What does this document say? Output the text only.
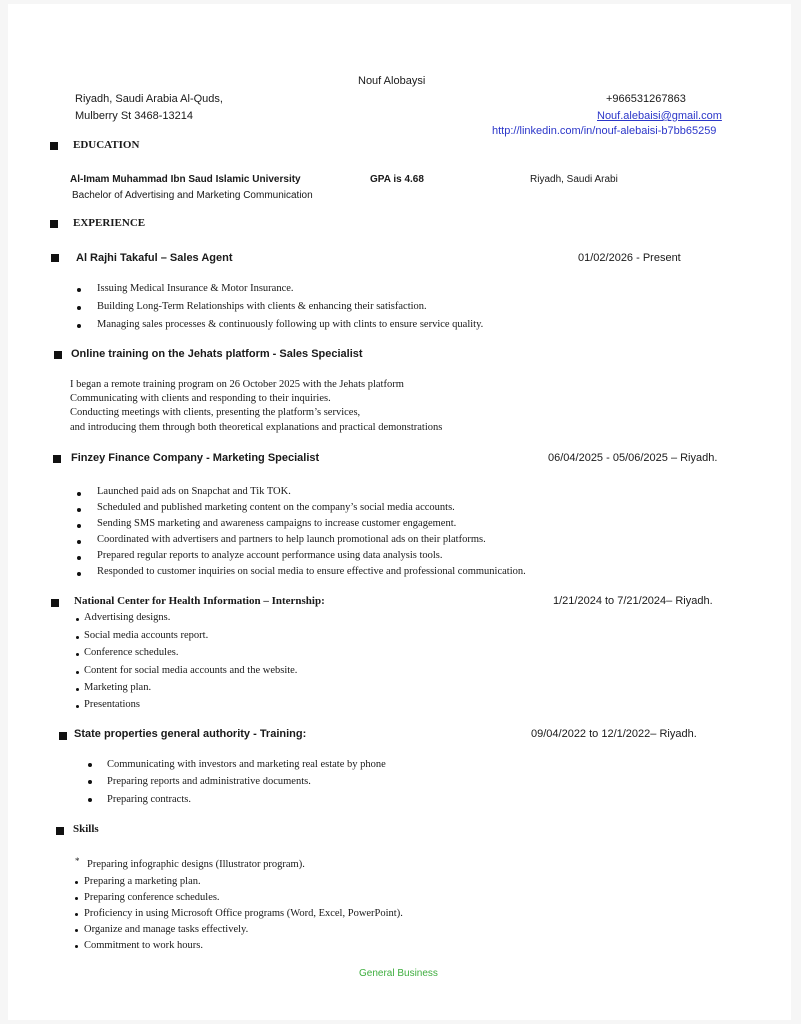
Nouf Alobaysi
Riyadh, Saudi Arabia Al-Quds,
Mulberry St 3468-13214
+966531267863
Nouf.alebaisi@gmail.com
http://linkedin.com/in/nouf-alebaisi-b7bb65259
EDUCATION
Al-Imam Muhammad Ibn Saud Islamic University	GPA is 4.68	Riyadh, Saudi Arabi
Bachelor of Advertising and Marketing Communication
EXPERIENCE
Al Rajhi Takaful – Sales Agent	01/02/2026 - Present
Issuing Medical Insurance & Motor Insurance.
Building Long-Term Relationships with clients & enhancing their satisfaction.
Managing sales processes & continuously following up with clints to ensure service quality.
Online training on the Jehats platform - Sales Specialist
I began a remote training program on 26 October 2025 with the Jehats platform
Communicating with clients and responding to their inquiries.
Conducting meetings with clients, presenting the platform’s services,
and introducing them through both theoretical explanations and practical demonstrations
Finzey Finance Company - Marketing Specialist	06/04/2025 - 05/06/2025 – Riyadh.
Launched paid ads on Snapchat and Tik TOK.
Scheduled and published marketing content on the company’s social media accounts.
Sending SMS marketing and awareness campaigns to increase customer engagement.
Coordinated with advertisers and partners to help launch promotional ads on their platforms.
Prepared regular reports to analyze account performance using data analysis tools.
Responded to customer inquiries on social media to ensure effective and professional communication.
National Center for Health Information – Internship:	1/21/2024 to 7/21/2024– Riyadh.
Advertising designs.
Social media accounts report.
Conference schedules.
Content for social media accounts and the website.
Marketing plan.
Presentations
State properties general authority - Training:	09/04/2022 to 12/1/2022– Riyadh.
Communicating with investors and marketing real estate by phone
Preparing reports and administrative documents.
Preparing contracts.
Skills
* Preparing infographic designs (Illustrator program).
Preparing a marketing plan.
Preparing conference schedules.
Proficiency in using Microsoft Office programs (Word, Excel, PowerPoint).
Organize and manage tasks effectively.
Commitment to work hours.
General Business
